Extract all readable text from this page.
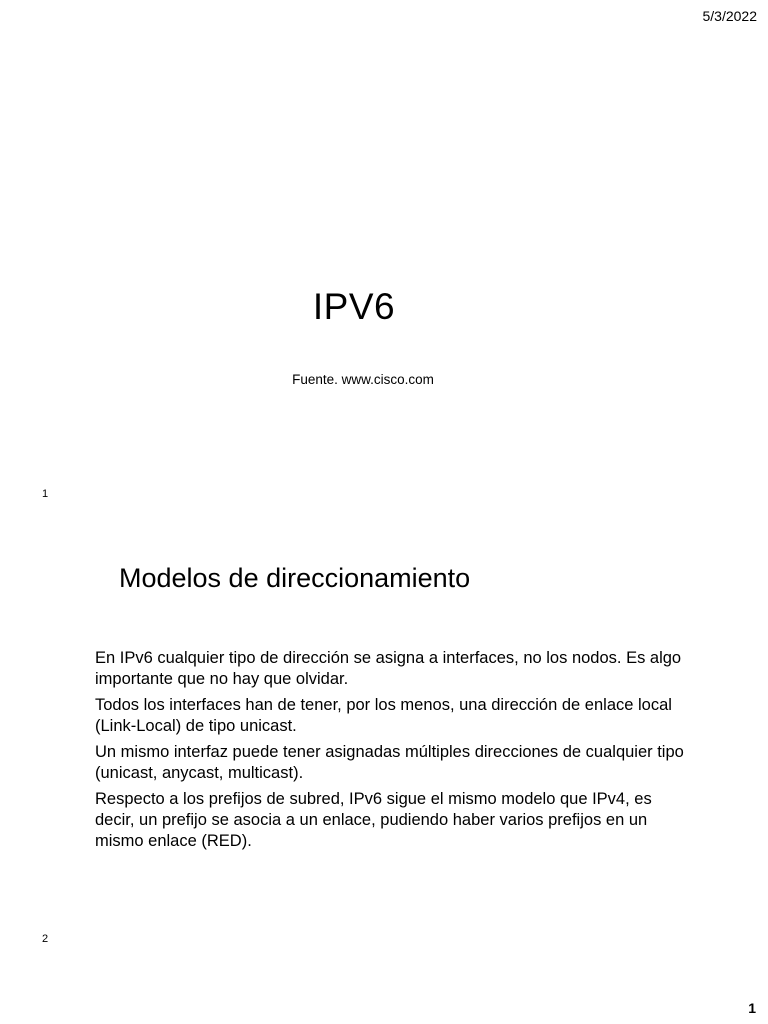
5/3/2022
IPV6
Fuente. www.cisco.com
1
Modelos de direccionamiento

En IPv6 cualquier tipo de dirección se asigna a interfaces, no los nodos. Es algo importante que no hay que olvidar.

Todos los interfaces han de tener, por los menos, una dirección de enlace local (Link-Local) de tipo unicast.

Un mismo interfaz puede tener asignadas múltiples direcciones de cualquier tipo (unicast, anycast, multicast).

Respecto a los prefijos de subred, IPv6 sigue el mismo modelo que IPv4, es decir, un prefijo se asocia a un enlace, pudiendo haber varios prefijos en un mismo enlace (RED).

2
1
